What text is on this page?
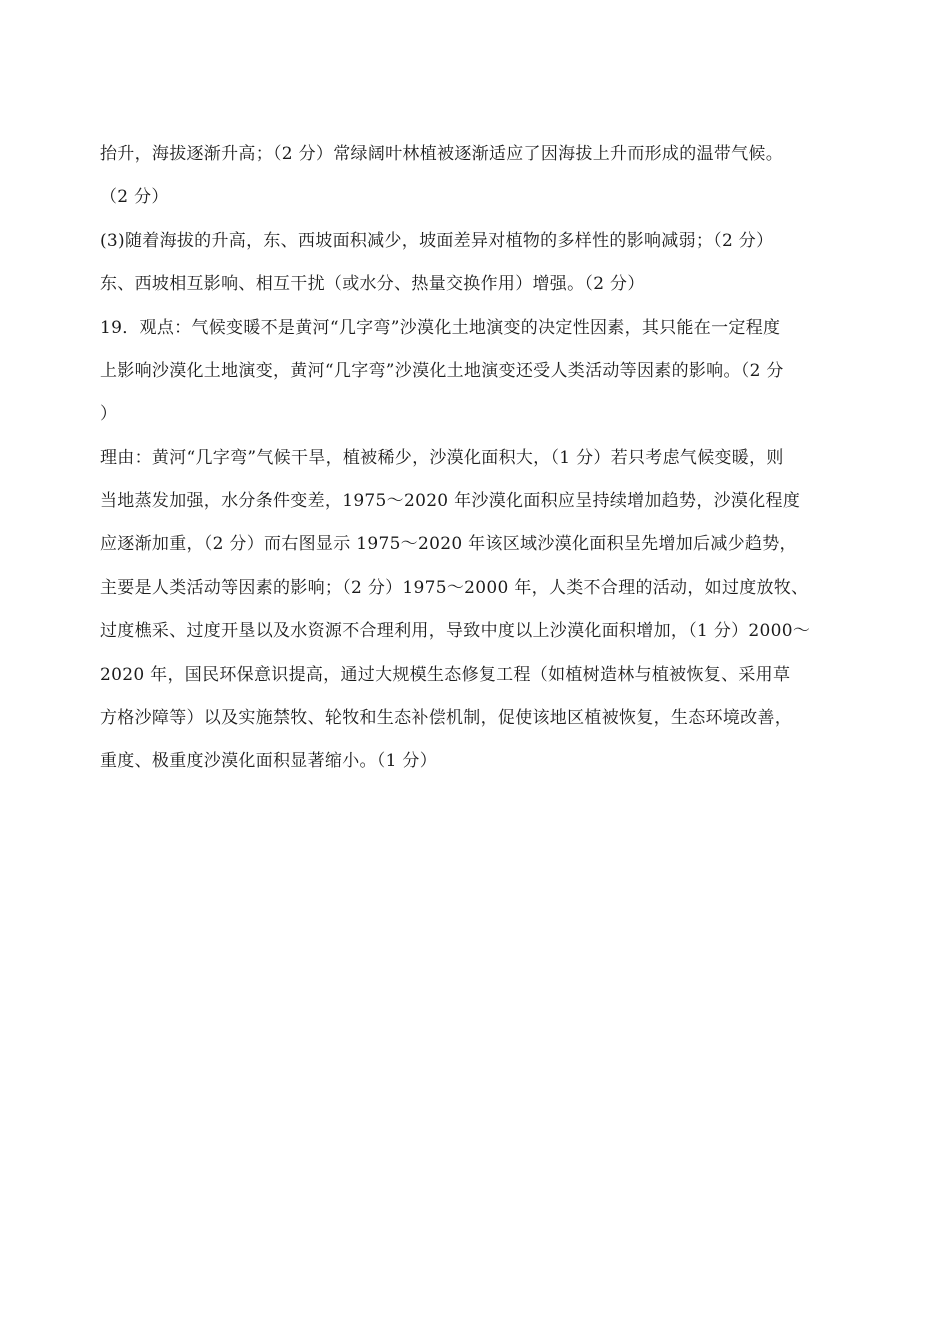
抬升，海拔逐渐升高；（2 分）常绿阔叶林植被逐渐适应了因海拔上升而形成的温带气候。
（2 分）
(3)随着海拔的升高，东、西坡面积减少，坡面差异对植物的多样性的影响减弱；（2 分）
东、西坡相互影响、相互干扰（或水分、热量交换作用）增强。（2 分）
19．观点：气候变暖不是黄河“几字弯”沙漠化土地演变的决定性因素，其只能在一定程度
上影响沙漠化土地演变，黄河“几字弯”沙漠化土地演变还受人类活动等因素的影响。（2 分
）
理由：黄河“几字弯”气候干旱，植被稀少，沙漠化面积大，（1 分）若只考虑气候变暖，则
当地蒸发加强，水分条件变差，1975～2020 年沙漠化面积应呈持续增加趋势，沙漠化程度
应逐渐加重，（2 分）而右图显示 1975～2020 年该区域沙漠化面积呈先增加后减少趋势，
主要是人类活动等因素的影响；（2 分）1975～2000 年，人类不合理的活动，如过度放牧、
过度樵采、过度开垦以及水资源不合理利用，导致中度以上沙漠化面积增加，（1 分）2000～
2020 年，国民环保意识提高，通过大规模生态修复工程（如植树造林与植被恢复、采用草
方格沙障等）以及实施禁牧、轮牧和生态补偿机制，促使该地区植被恢复，生态环境改善，
重度、极重度沙漠化面积显著缩小。（1 分）
